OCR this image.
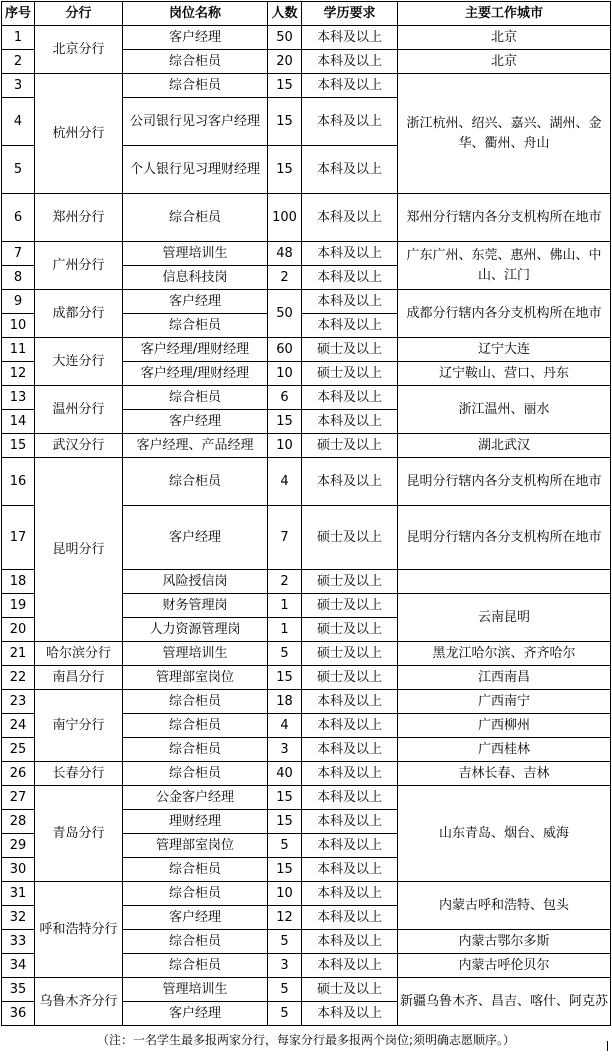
序号	分行	岗位名称	人数	学历要求	主要工作城市
1	北京分行	客户经理	50	本科及以上	北京
2		综合柜员	20	本科及以上	北京
3	杭州分行	综合柜员	15	本科及以上	浙江杭州、绍兴、嘉兴、湖州、金华、衢州、舟山
4		公司银行见习客户经理	15	本科及以上	
5		个人银行见习理财经理	15	本科及以上	
6	郑州分行	综合柜员	100	本科及以上	郑州分行辖内各分支机构所在地市
7	广州分行	管理培训生	48	本科及以上	广东广州、东莞、惠州、佛山、中山、江门
8		信息科技岗	2	本科及以上	
9	成都分行	客户经理	50	本科及以上	成都分行辖内各分支机构所在地市
10		综合柜员		本科及以上	
11	大连分行	客户经理/理财经理	60	硕士及以上	辽宁大连
12		客户经理/理财经理	10	硕士及以上	辽宁鞍山、营口、丹东
13	温州分行	综合柜员	6	本科及以上	浙江温州、丽水
14		客户经理	15	本科及以上	
15	武汉分行	客户经理、产品经理	10	硕士及以上	湖北武汉
16	昆明分行	综合柜员	4	本科及以上	昆明分行辖内各分支机构所在地市
17		客户经理	7	硕士及以上	昆明分行辖内各分支机构所在地市
18		风险授信岗	2	硕士及以上	
19		财务管理岗	1	硕士及以上	云南昆明
20		人力资源管理岗	1	硕士及以上	
21	哈尔滨分行	管理培训生	5	硕士及以上	黑龙江哈尔滨、齐齐哈尔
22	南昌分行	管理部室岗位	15	硕士及以上	江西南昌
23	南宁分行	综合柜员	18	本科及以上	广西南宁
24		综合柜员	4	本科及以上	广西柳州
25		综合柜员	3	本科及以上	广西桂林
26	长春分行	综合柜员	40	本科及以上	吉林长春、吉林
27	青岛分行	公金客户经理	15	本科及以上	山东青岛、烟台、威海
28		理财经理	15	本科及以上	
29		管理部室岗位	5	本科及以上	
30		综合柜员	15	本科及以上	
31	呼和浩特分行	综合柜员	10	本科及以上	内蒙古呼和浩特、包头
32		客户经理	12	本科及以上	
33		综合柜员	5	本科及以上	内蒙古鄂尔多斯
34		综合柜员	3	本科及以上	内蒙古呼伦贝尔
35	乌鲁木齐分行	管理培训生	5	硕士及以上	新疆乌鲁木齐、昌吉、喀什、阿克苏
36		客户经理	5	本科及以上	
（注：一名学生最多报两家分行，每家分行最多报两个岗位;须明确志愿顺序。）
